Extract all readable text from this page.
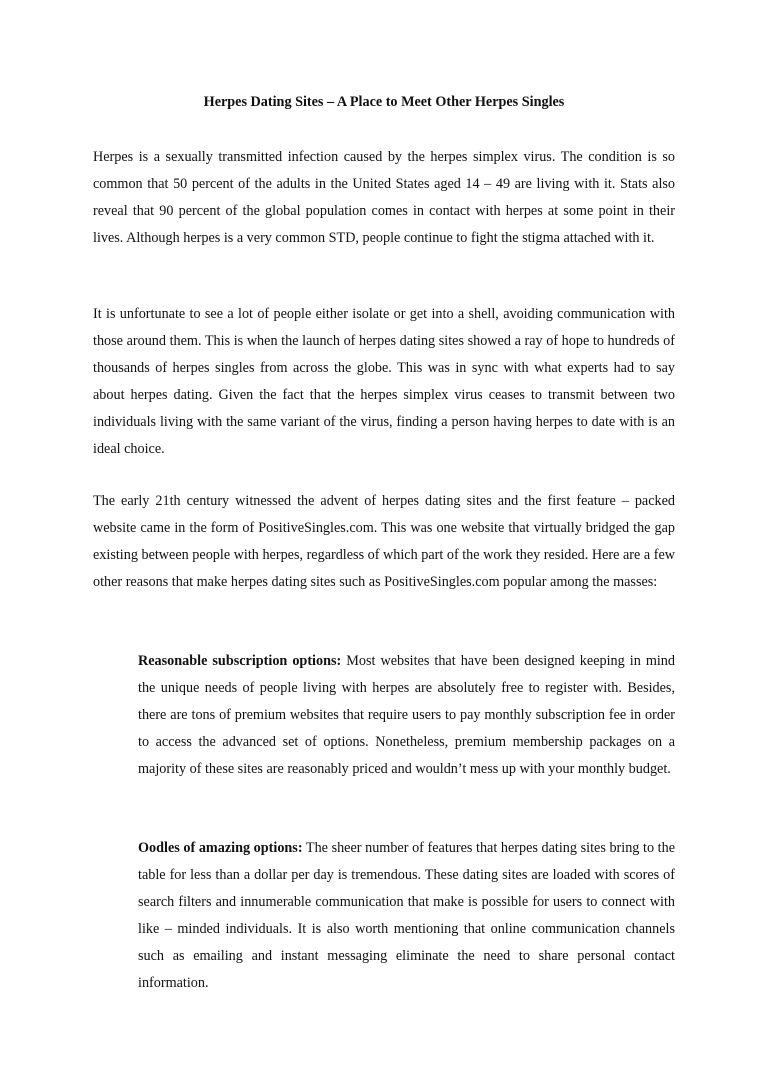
Herpes Dating Sites – A Place to Meet Other Herpes Singles

Herpes is a sexually transmitted infection caused by the herpes simplex virus. The condition is so common that 50 percent of the adults in the United States aged 14 – 49 are living with it. Stats also reveal that 90 percent of the global population comes in contact with herpes at some point in their lives. Although herpes is a very common STD, people continue to fight the stigma attached with it.

It is unfortunate to see a lot of people either isolate or get into a shell, avoiding communication with those around them. This is when the launch of herpes dating sites showed a ray of hope to hundreds of thousands of herpes singles from across the globe. This was in sync with what experts had to say about herpes dating. Given the fact that the herpes simplex virus ceases to transmit between two individuals living with the same variant of the virus, finding a person having herpes to date with is an ideal choice.

The early 21th century witnessed the advent of herpes dating sites and the first feature – packed website came in the form of PositiveSingles.com. This was one website that virtually bridged the gap existing between people with herpes, regardless of which part of the work they resided. Here are a few other reasons that make herpes dating sites such as PositiveSingles.com popular among the masses:

Reasonable subscription options: Most websites that have been designed keeping in mind the unique needs of people living with herpes are absolutely free to register with. Besides, there are tons of premium websites that require users to pay monthly subscription fee in order to access the advanced set of options. Nonetheless, premium membership packages on a majority of these sites are reasonably priced and wouldn’t mess up with your monthly budget.

Oodles of amazing options: The sheer number of features that herpes dating sites bring to the table for less than a dollar per day is tremendous. These dating sites are loaded with scores of search filters and innumerable communication that make is possible for users to connect with like – minded individuals. It is also worth mentioning that online communication channels such as emailing and instant messaging eliminate the need to share personal contact information.
